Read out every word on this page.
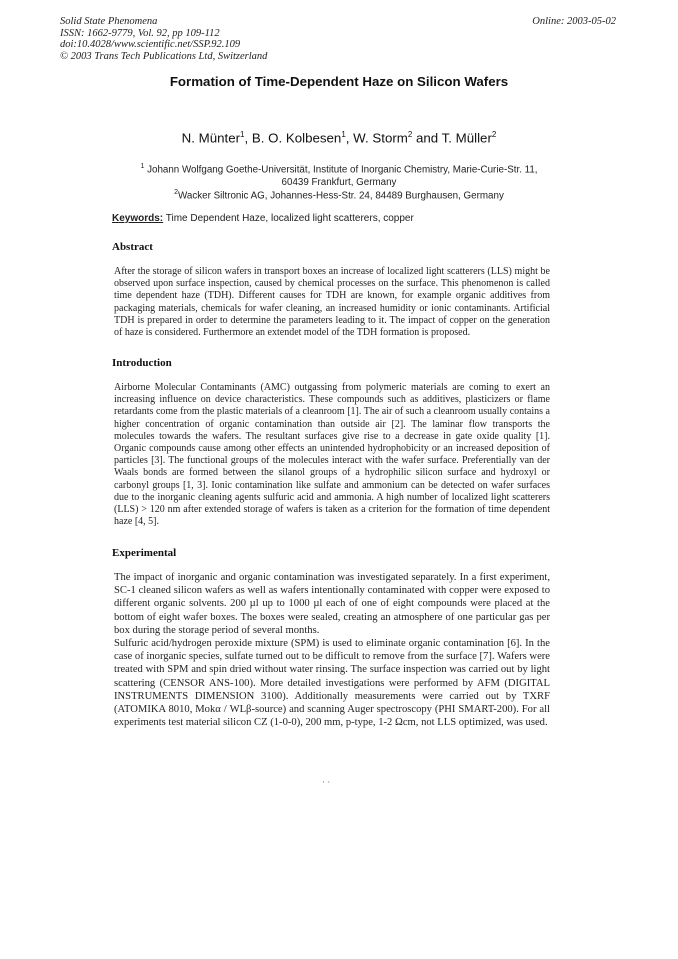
Solid State Phenomena
ISSN: 1662-9779, Vol. 92, pp 109-112
doi:10.4028/www.scientific.net/SSP.92.109
© 2003 Trans Tech Publications Ltd, Switzerland
Online: 2003-05-02
Formation of Time-Dependent Haze on Silicon Wafers
N. Münter$^1$, B. O. Kolbesen$^1$, W. Storm$^2$ and T. Müller$^2$
$^1$ Johann Wolfgang Goethe-Universität, Institute of Inorganic Chemistry, Marie-Curie-Str. 11,
60439 Frankfurt, Germany
$^2$Wacker Siltronic AG, Johannes-Hess-Str. 24, 84489 Burghausen, Germany
Keywords: Time Dependent Haze, localized light scatterers, copper
Abstract
After the storage of silicon wafers in transport boxes an increase of localized light scatterers (LLS) might be observed upon surface inspection, caused by chemical processes on the surface. This phenomenon is called time dependent haze (TDH). Different causes for TDH are known, for example organic additives from packaging materials, chemicals for wafer cleaning, an increased humidity or ionic contaminants. Artificial TDH is prepared in order to determine the parameters leading to it. The impact of copper on the generation of haze is considered. Furthermore an extendet model of the TDH formation is proposed.
Introduction
Airborne Molecular Contaminants (AMC) outgassing from polymeric materials are coming to exert an increasing influence on device characteristics. These compounds such as additives, plasticizers or flame retardants come from the plastic materials of a cleanroom [1]. The air of such a cleanroom usually contains a higher concentration of organic contamination than outside air [2]. The laminar flow transports the molecules towards the wafers. The resultant surfaces give rise to a decrease in gate oxide quality [1]. Organic compounds cause among other effects an unintended hydrophobicity or an increased deposition of particles [3]. The functional groups of the molecules interact with the wafer surface. Preferentially van der Waals bonds are formed between the silanol groups of a hydrophilic silicon surface and hydroxyl or carbonyl groups [1, 3]. Ionic contamination like sulfate and ammonium can be detected on wafer surfaces due to the inorganic cleaning agents sulfuric acid and ammonia. A high number of localized light scatterers (LLS) > 120 nm after extended storage of wafers is taken as a criterion for the formation of time dependent haze [4, 5].
Experimental
The impact of inorganic and organic contamination was investigated separately. In a first experiment, SC-1 cleaned silicon wafers as well as wafers intentionally contaminated with copper were exposed to different organic solvents. 200 µl up to 1000 µl each of one of eight compounds were placed at the bottom of eight wafer boxes. The boxes were sealed, creating an atmosphere of one particular gas per box during the storage period of several months.
Sulfuric acid/hydrogen peroxide mixture (SPM) is used to eliminate organic contamination [6]. In the case of inorganic species, sulfate turned out to be difficult to remove from the surface [7]. Wafers were treated with SPM and spin dried without water rinsing. The surface inspection was carried out by light scattering (CENSOR ANS-100). More detailed investigations were performed by AFM (DIGITAL INSTRUMENTS DIMENSION 3100). Additionally measurements were carried out by TXRF (ATOMIKA 8010, Mokα / WLβ-source) and scanning Auger spectroscopy (PHI SMART-200). For all experiments test material silicon CZ (1-0-0), 200 mm, p-type, 1-2 Ωcm, not LLS optimized, was used.
· ·
